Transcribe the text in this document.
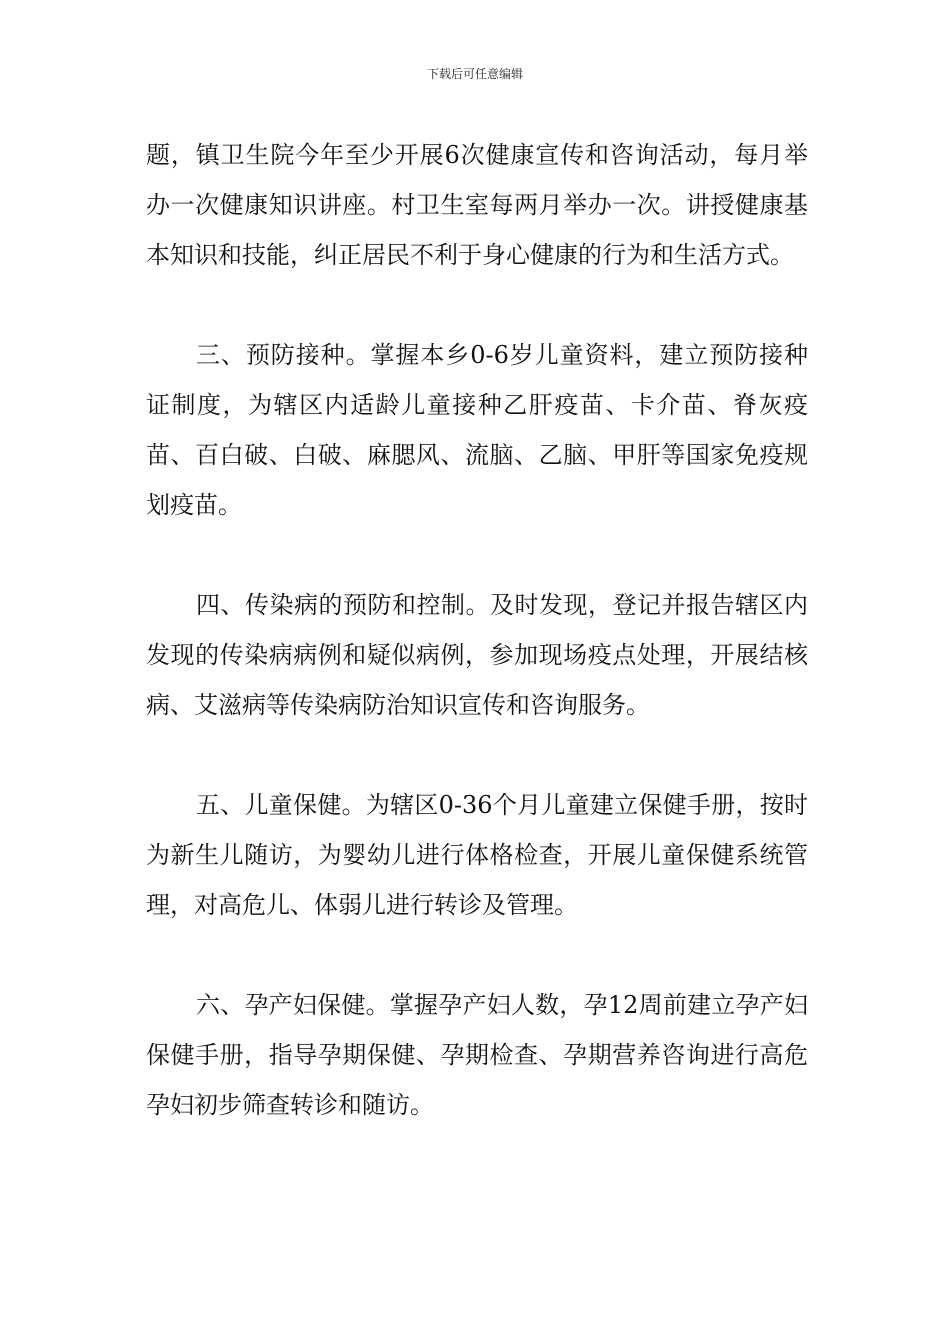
下载后可任意编辑

题，镇卫生院今年至少开展6次健康宣传和咨询活动，每月举办一次健康知识讲座。村卫生室每两月举办一次。讲授健康基本知识和技能，纠正居民不利于身心健康的行为和生活方式。

三、预防接种。掌握本乡0-6岁儿童资料，建立预防接种证制度，为辖区内适龄儿童接种乙肝疫苗、卡介苗、脊灰疫苗、百白破、白破、麻腮风、流脑、乙脑、甲肝等国家免疫规划疫苗。

四、传染病的预防和控制。及时发现，登记并报告辖区内发现的传染病病例和疑似病例，参加现场疫点处理，开展结核病、艾滋病等传染病防治知识宣传和咨询服务。

五、儿童保健。为辖区0-36个月儿童建立保健手册，按时为新生儿随访，为婴幼儿进行体格检查，开展儿童保健系统管理，对高危儿、体弱儿进行转诊及管理。

六、孕产妇保健。掌握孕产妇人数，孕12周前建立孕产妇保健手册，指导孕期保健、孕期检查、孕期营养咨询进行高危孕妇初步筛查转诊和随访。
